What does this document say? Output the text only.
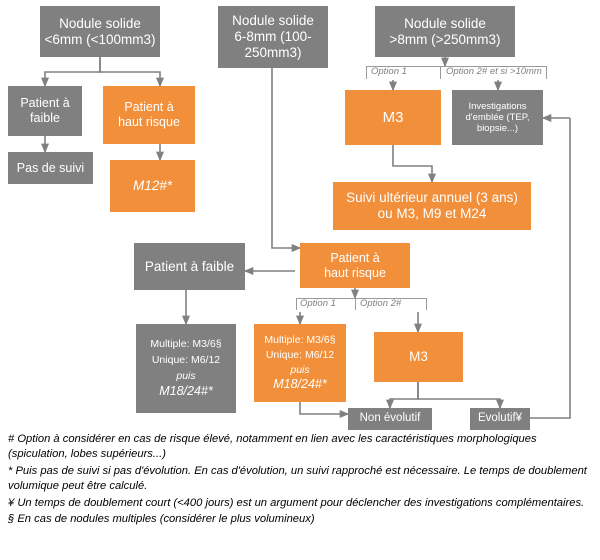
Nodule solide
<6mm (<100mm3)
Nodule solide
6-8mm (100-
250mm3)
Nodule solide
>8mm (>250mm3)
Option 1	Option 2# et si >10mm
Patient à faible
Patient à
haut risque
Pas de suivi
M12#*
M3
Investigations
d'emblée (TEP,
biopsie...)
Suivi ultérieur annuel (3 ans)
ou M3, M9 et M24
Patient à faible
Patient à
haut risque
Option 1	Option 2#
Multiple: M3/6§
Unique: M6/12
puis
M18/24#*
Multiple: M3/6§
Unique: M6/12
puis
M18/24#*
M3
Non évolutif	Evolutif¥

# Option à considérer en cas de risque élevé, notamment en lien avec les caractéristiques morphologiques (spiculation, lobes supérieurs...)

* Puis pas de suivi si pas d'évolution. En cas d'évolution, un suivi rapproché est nécessaire. Le temps de doublement volumique peut être calculé.

¥ Un temps de doublement court (<400 jours) est un argument pour déclencher des investigations complémentaires.

§ En cas de nodules multiples (considérer le plus volumineux)
